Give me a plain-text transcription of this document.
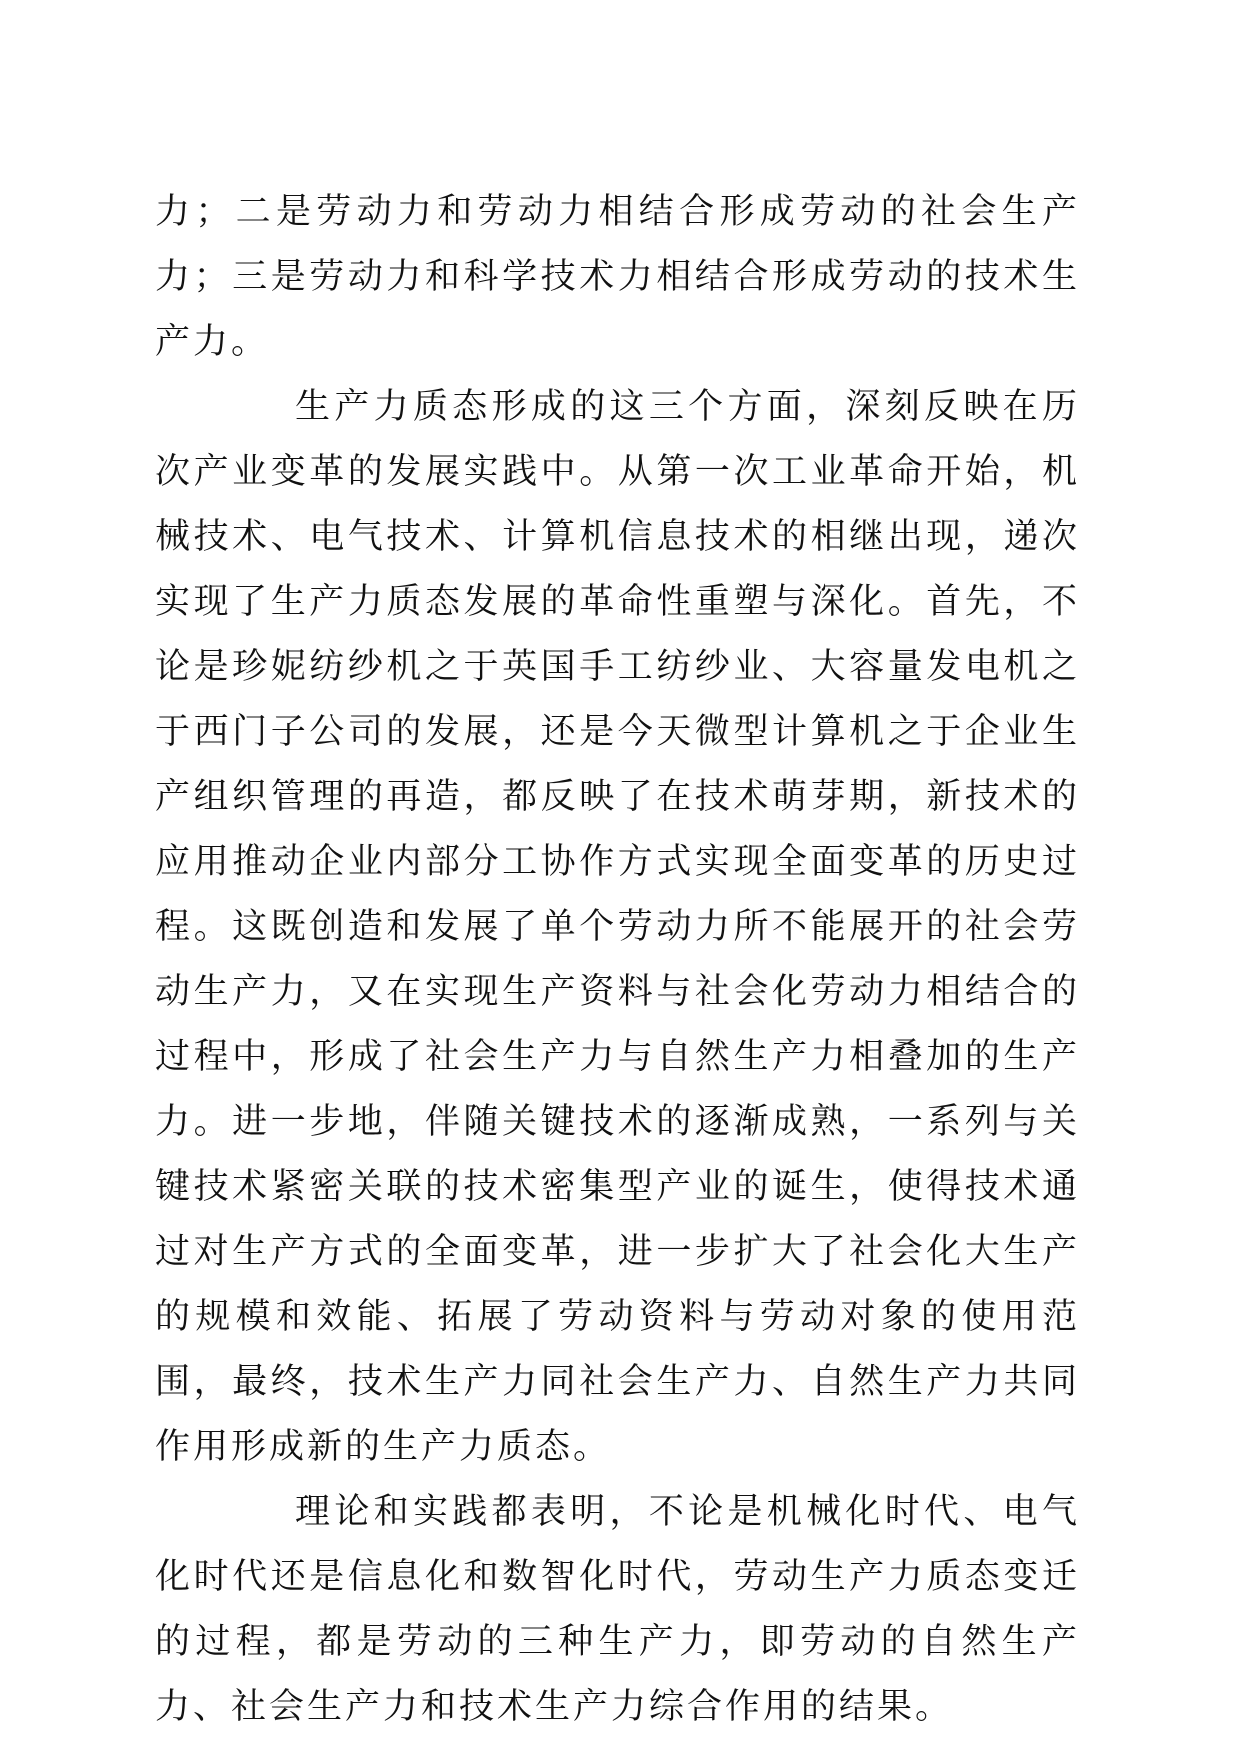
力；二是劳动力和劳动力相结合形成劳动的社会生产力；三是劳动力和科学技术力相结合形成劳动的技术生产力。

生产力质态形成的这三个方面，深刻反映在历次产业变革的发展实践中。从第一次工业革命开始，机械技术、电气技术、计算机信息技术的相继出现，递次实现了生产力质态发展的革命性重塑与深化。首先，不论是珍妮纺纱机之于英国手工纺纱业、大容量发电机之于西门子公司的发展，还是今天微型计算机之于企业生产组织管理的再造，都反映了在技术萌芽期，新技术的应用推动企业内部分工协作方式实现全面变革的历史过程。这既创造和发展了单个劳动力所不能展开的社会劳动生产力，又在实现生产资料与社会化劳动力相结合的过程中，形成了社会生产力与自然生产力相叠加的生产力。进一步地，伴随关键技术的逐渐成熟，一系列与关键技术紧密关联的技术密集型产业的诞生，使得技术通过对生产方式的全面变革，进一步扩大了社会化大生产的规模和效能、拓展了劳动资料与劳动对象的使用范围，最终，技术生产力同社会生产力、自然生产力共同作用形成新的生产力质态。

理论和实践都表明，不论是机械化时代、电气化时代还是信息化和数智化时代，劳动生产力质态变迁的过程，都是劳动的三种生产力，即劳动的自然生产力、社会生产力和技术生产力综合作用的结果。
